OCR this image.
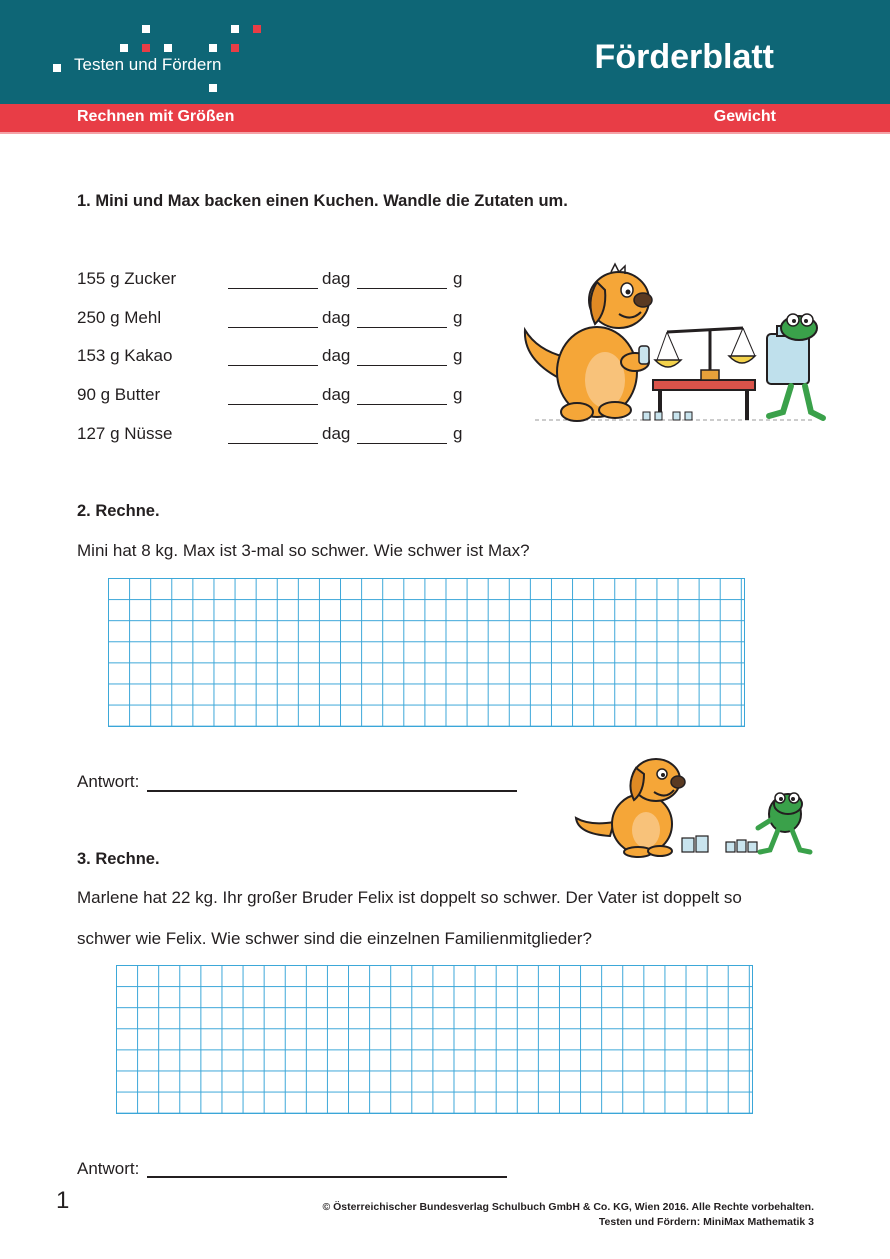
Testen und Fördern	Förderblatt
Rechnen mit Größen	Gewicht
1. Mini und Max backen einen Kuchen. Wandle die Zutaten um.
155 g Zucker	dag	g
250 g Mehl	dag	g
153 g Kakao	dag	g
90 g Butter	dag	g
127 g Nüsse	dag	g
2. Rechne.
Mini hat 8 kg. Max ist 3-mal so schwer. Wie schwer ist Max?
Antwort:
3. Rechne.
Marlene hat 22 kg. Ihr großer Bruder Felix ist doppelt so schwer. Der Vater ist doppelt so
schwer wie Felix. Wie schwer sind die einzelnen Familienmitglieder?
Antwort:
1	© Österreichischer Bundesverlag Schulbuch GmbH & Co. KG, Wien 2016. Alle Rechte vorbehalten.
Testen und Fördern: MiniMax Mathematik 3
